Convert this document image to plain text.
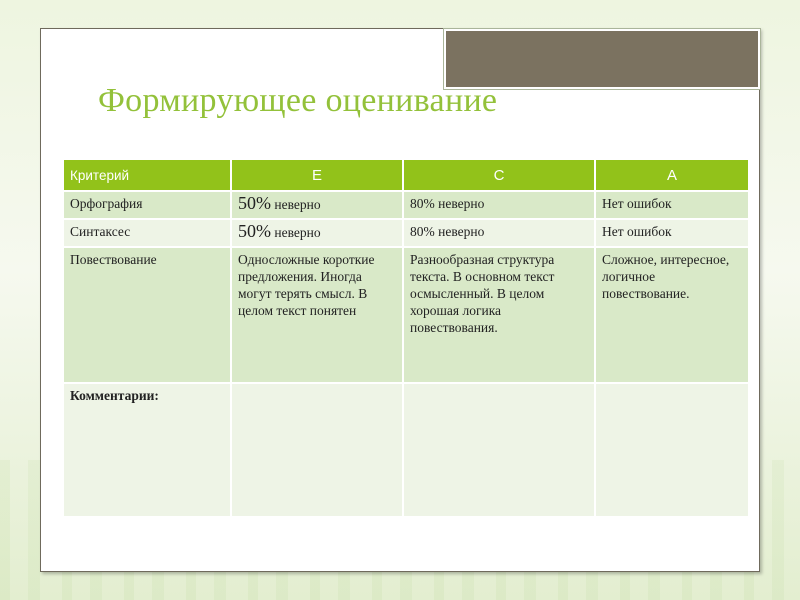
Формирующее оценивание
Критерий	E	C	A
Орфография	50% неверно	80% неверно	Нет ошибок
Синтаксес	50% неверно	80% неверно	Нет ошибок
Повествование	Односложные короткие предложения. Иногда могут терять смысл. В целом текст понятен	Разнообразная структура текста. В основном текст осмысленный. В целом хорошая логика повествования.	Сложное, интересное, логичное повествование.
Комментарии:			
